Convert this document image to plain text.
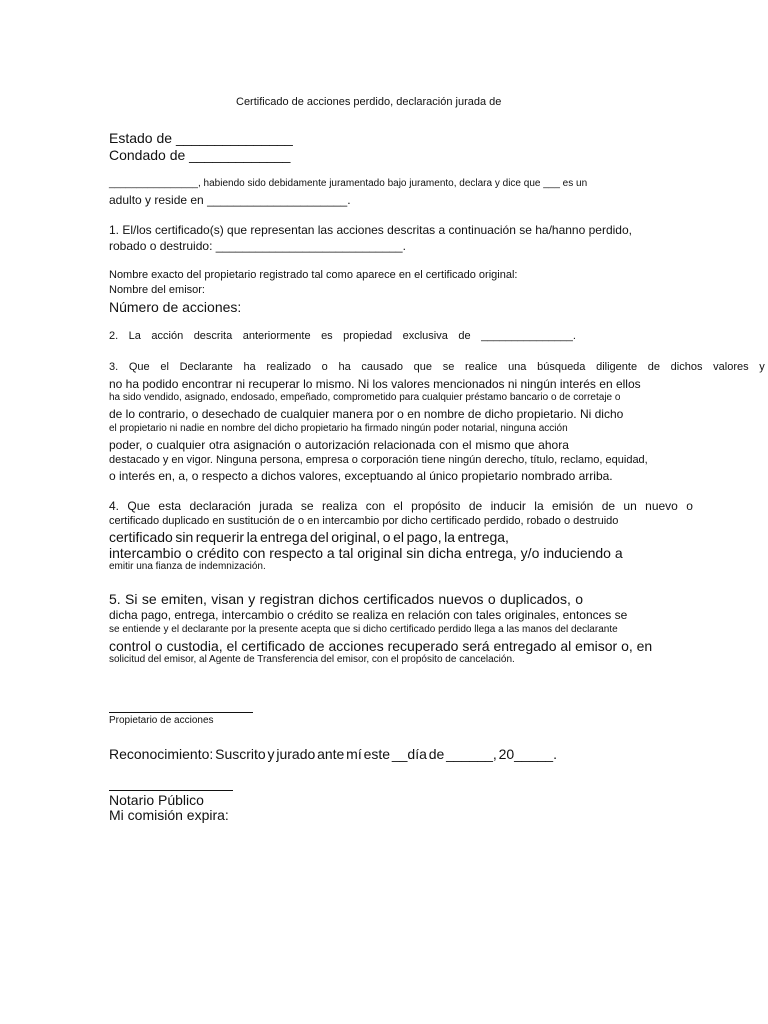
Certificado de acciones perdido, declaración jurada de
Estado de _______________
Condado de _____________
________________, habiendo sido debidamente juramentado bajo juramento, declara y dice que ___ es un
adulto y reside en _____________________.
1. El/los certificado(s) que representan las acciones descritas a continuación se ha/hanno perdido,
robado o destruido: ____________________________.
Nombre exacto del propietario registrado tal como aparece en el certificado original:
Nombre del emisor:
Número de acciones:
2. La acción descrita anteriormente es propiedad exclusiva de _______________.
3. Que el Declarante ha realizado o ha causado que se realice una búsqueda diligente de dichos valores y
no ha podido encontrar ni recuperar lo mismo. Ni los valores mencionados ni ningún interés en ellos
ha sido vendido, asignado, endosado, empeñado, comprometido para cualquier préstamo bancario o de corretaje o
de lo contrario, o desechado de cualquier manera por o en nombre de dicho propietario. Ni dicho
el propietario ni nadie en nombre del dicho propietario ha firmado ningún poder notarial, ninguna acción
poder, o cualquier otra asignación o autorización relacionada con el mismo que ahora
destacado y en vigor. Ninguna persona, empresa o corporación tiene ningún derecho, título, reclamo, equidad,
o interés en, a, o respecto a dichos valores, exceptuando al único propietario nombrado arriba.
4. Que esta declaración jurada se realiza con el propósito de inducir la emisión de un nuevo o
certificado duplicado en sustitución de o en intercambio por dicho certificado perdido, robado o destruido
certificado sin requerir la entrega del original, o el pago, la entrega,
intercambio o crédito con respecto a tal original sin dicha entrega, y/o induciendo a
emitir una fianza de indemnización.
5. Si se emiten, visan y registran dichos certificados nuevos o duplicados, o
dicha pago, entrega, intercambio o crédito se realiza en relación con tales originales, entonces se
se entiende y el declarante por la presente acepta que si dicho certificado perdido llega a las manos del declarante
control o custodia, el certificado de acciones recuperado será entregado al emisor o, en
solicitud del emisor, al Agente de Transferencia del emisor, con el propósito de cancelación.
Propietario de acciones
Reconocimiento: Suscrito y jurado ante mí este __día de ______, 20_____.
Notario Público
Mi comisión expira:
